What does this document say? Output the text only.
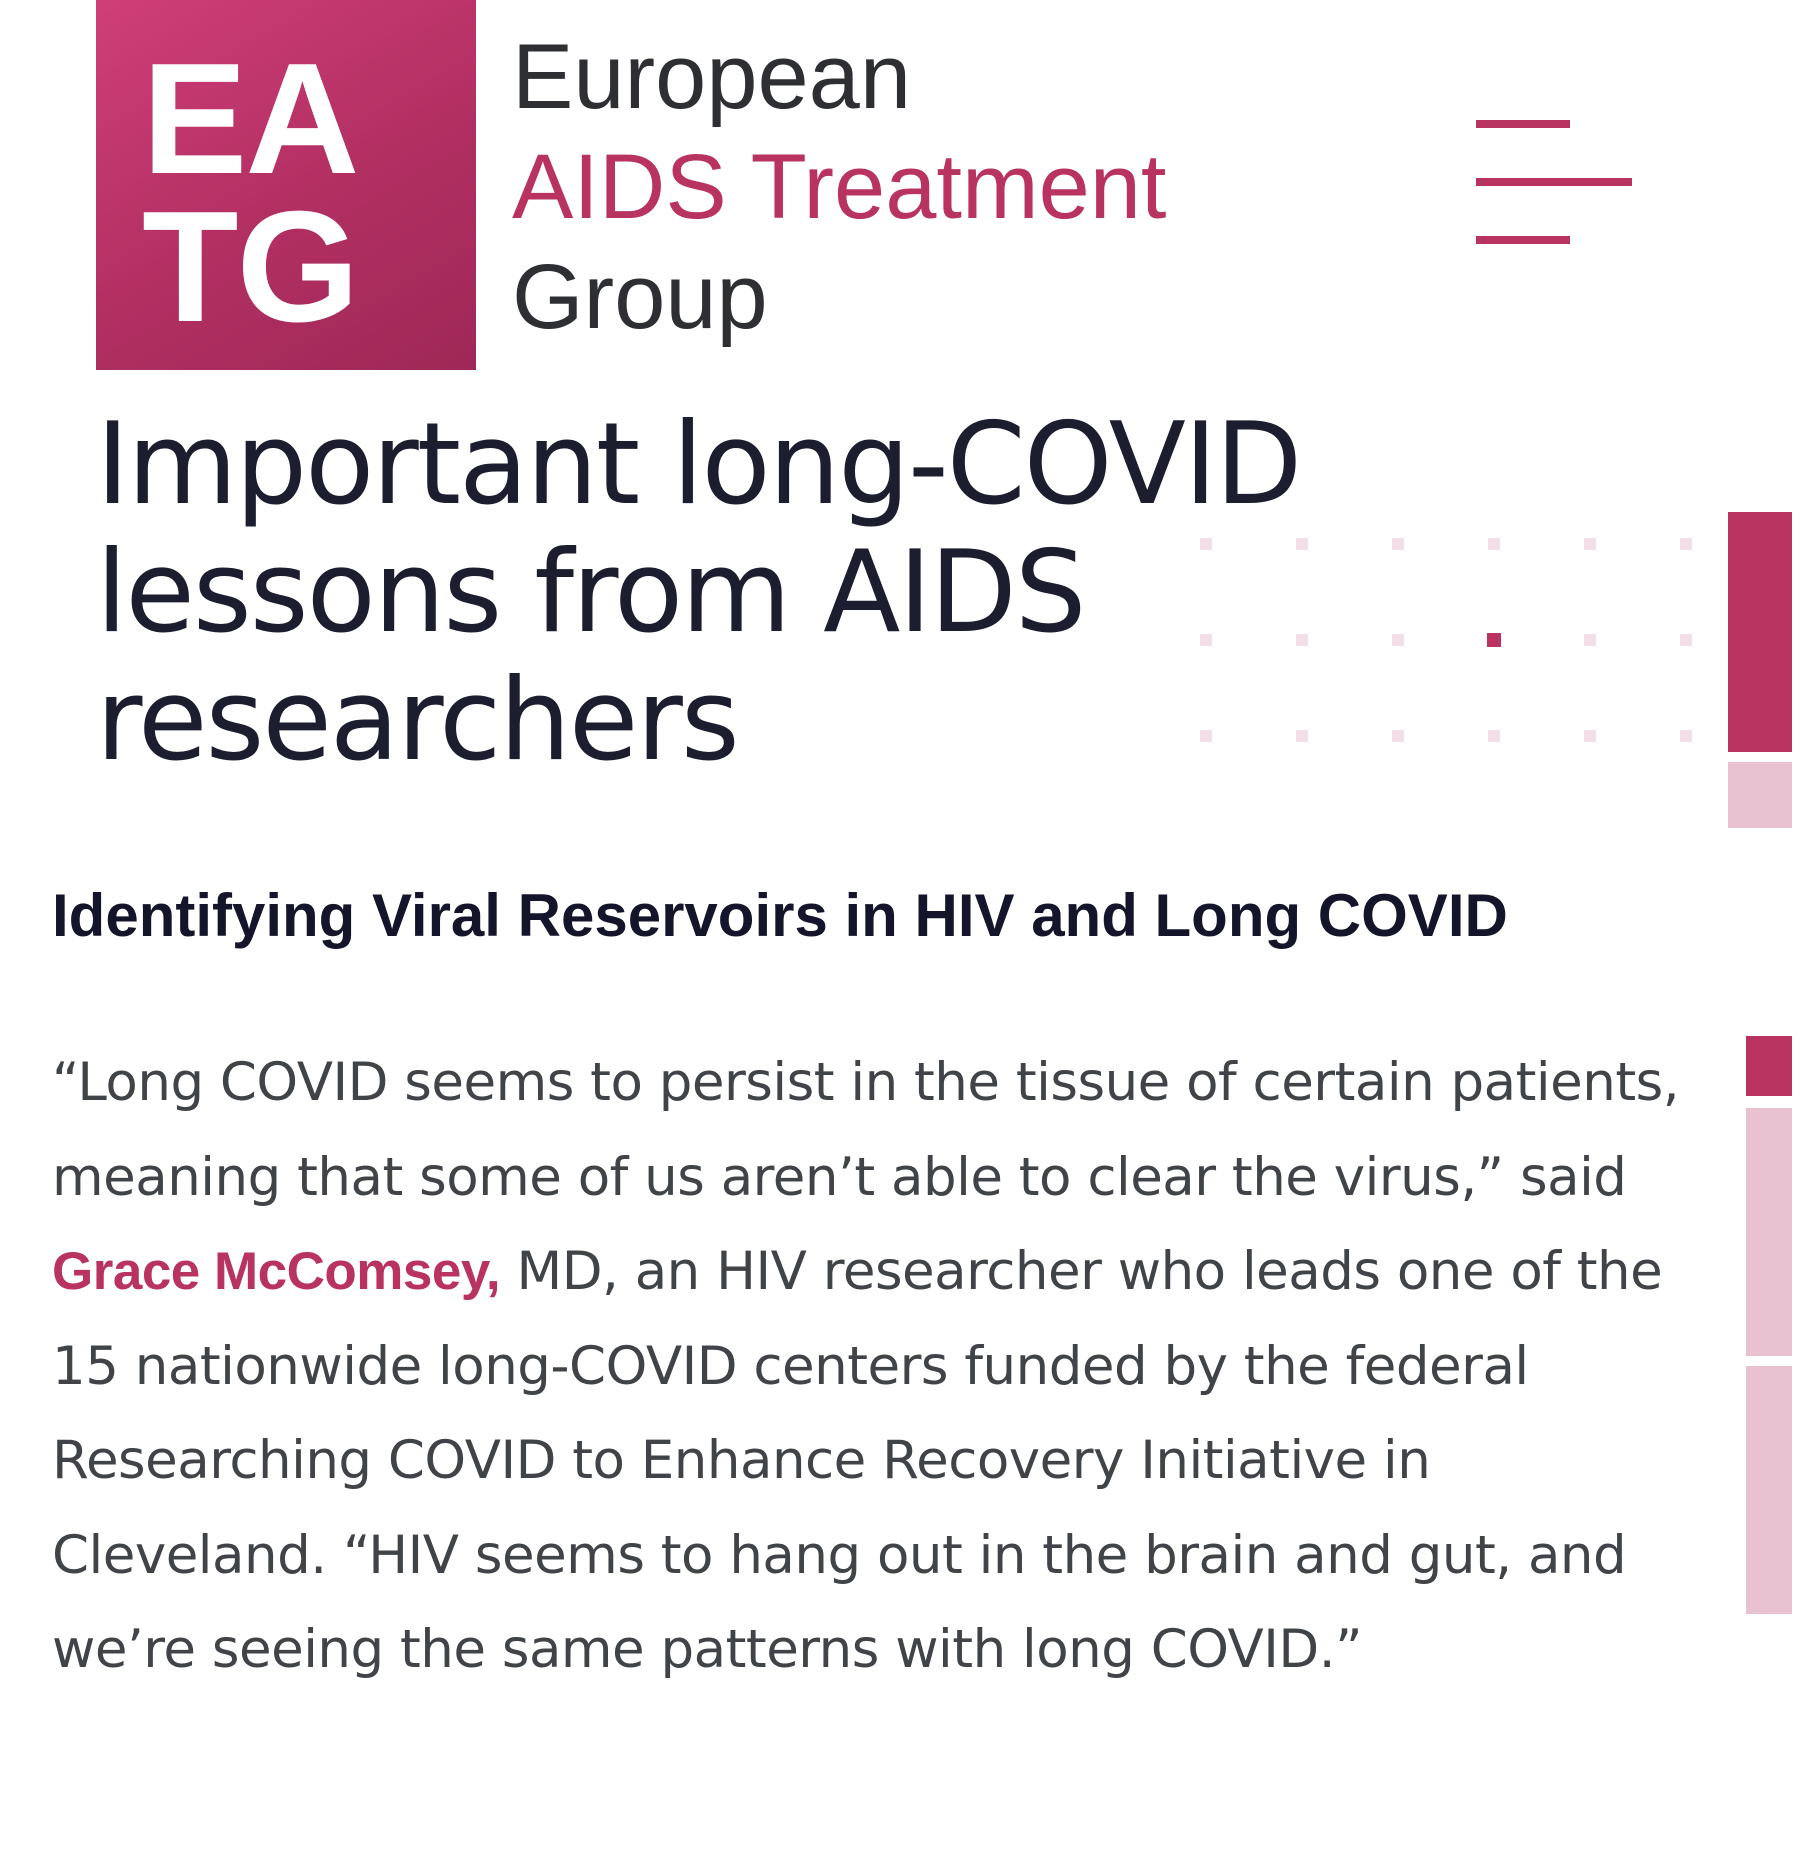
EA
TG
European
AIDS Treatment
Group
Important long-COVID lessons from AIDS researchers
Identifying Viral Reservoirs in HIV and Long COVID

“Long COVID seems to persist in the tissue of certain patients, meaning that some of us aren’t able to clear the virus,” said Grace McComsey, MD, an HIV researcher who leads one of the 15 nationwide long-COVID centers funded by the federal Researching COVID to Enhance Recovery Initiative in Cleveland. “HIV seems to hang out in the brain and gut, and we’re seeing the same patterns with long COVID.”
